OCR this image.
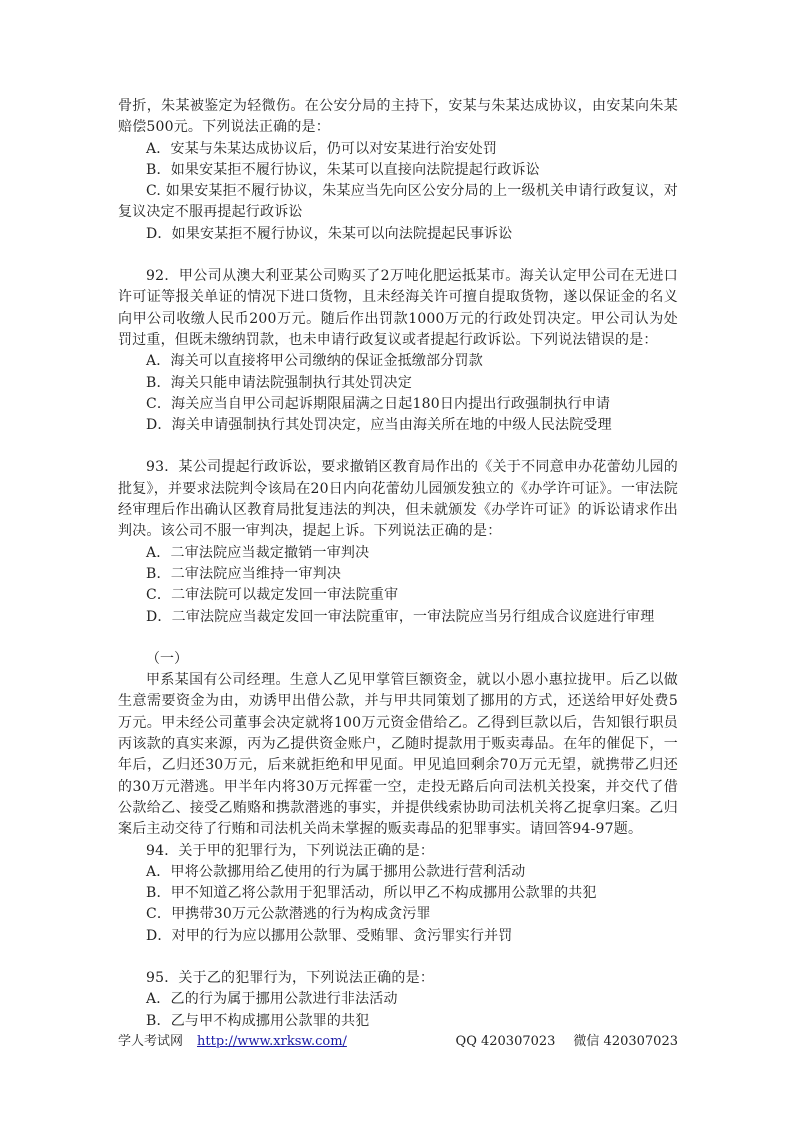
骨折，朱某被鉴定为轻微伤。在公安分局的主持下，安某与朱某达成协议，由安某向朱某赔偿500元。下列说法正确的是：

A．安某与朱某达成协议后，仍可以对安某进行治安处罚

B．如果安某拒不履行协议，朱某可以直接向法院提起行政诉讼

C. 如果安某拒不履行协议，朱某应当先向区公安分局的上一级机关申请行政复议，对复议决定不服再提起行政诉讼

D．如果安某拒不履行协议，朱某可以向法院提起民事诉讼

92．甲公司从澳大利亚某公司购买了2万吨化肥运抵某市。海关认定甲公司在无进口许可证等报关单证的情况下进口货物，且未经海关许可擅自提取货物，遂以保证金的名义向甲公司收缴人民币200万元。随后作出罚款1000万元的行政处罚决定。甲公司认为处罚过重，但既未缴纳罚款，也未申请行政复议或者提起行政诉讼。下列说法错误的是：

A．海关可以直接将甲公司缴纳的保证金抵缴部分罚款

B．海关只能申请法院强制执行其处罚决定

C．海关应当自甲公司起诉期限届满之日起180日内提出行政强制执行申请

D．海关申请强制执行其处罚决定，应当由海关所在地的中级人民法院受理

93．某公司提起行政诉讼，要求撤销区教育局作出的《关于不同意申办花蕾幼儿园的批复》，并要求法院判令该局在20日内向花蕾幼儿园颁发独立的《办学许可证》。一审法院经审理后作出确认区教育局批复违法的判决，但未就颁发《办学许可证》的诉讼请求作出判决。该公司不服一审判决，提起上诉。下列说法正确的是：

A．二审法院应当裁定撤销一审判决

B．二审法院应当维持一审判决

C．二审法院可以裁定发回一审法院重审

D．二审法院应当裁定发回一审法院重审，一审法院应当另行组成合议庭进行审理

（一）

甲系某国有公司经理。生意人乙见甲掌管巨额资金，就以小恩小惠拉拢甲。后乙以做生意需要资金为由，劝诱甲出借公款，并与甲共同策划了挪用的方式，还送给甲好处费5万元。甲未经公司董事会决定就将100万元资金借给乙。乙得到巨款以后，告知银行职员丙该款的真实来源，丙为乙提供资金账户，乙随时提款用于贩卖毒品。在年的催促下，一年后，乙归还30万元，后来就拒绝和甲见面。甲见追回剩余70万元无望，就携带乙归还的30万元潜逃。甲半年内将30万元挥霍一空，走投无路后向司法机关投案，并交代了借公款给乙、接受乙贿赂和携款潜逃的事实，并提供线索协助司法机关将乙捉拿归案。乙归案后主动交待了行贿和司法机关尚未掌握的贩卖毒品的犯罪事实。请回答94-97题。

94．关于甲的犯罪行为，下列说法正确的是：

A．甲将公款挪用给乙使用的行为属于挪用公款进行营利活动

B．甲不知道乙将公款用于犯罪活动，所以甲乙不构成挪用公款罪的共犯

C．甲携带30万元公款潜逃的行为构成贪污罪

D．对甲的行为应以挪用公款罪、受贿罪、贪污罪实行并罚

95．关于乙的犯罪行为，下列说法正确的是：

A．乙的行为属于挪用公款进行非法活动

B．乙与甲不构成挪用公款罪的共犯

学人考试网 http://www.xrksw.com/	QQ 420307023 微信 420307023
